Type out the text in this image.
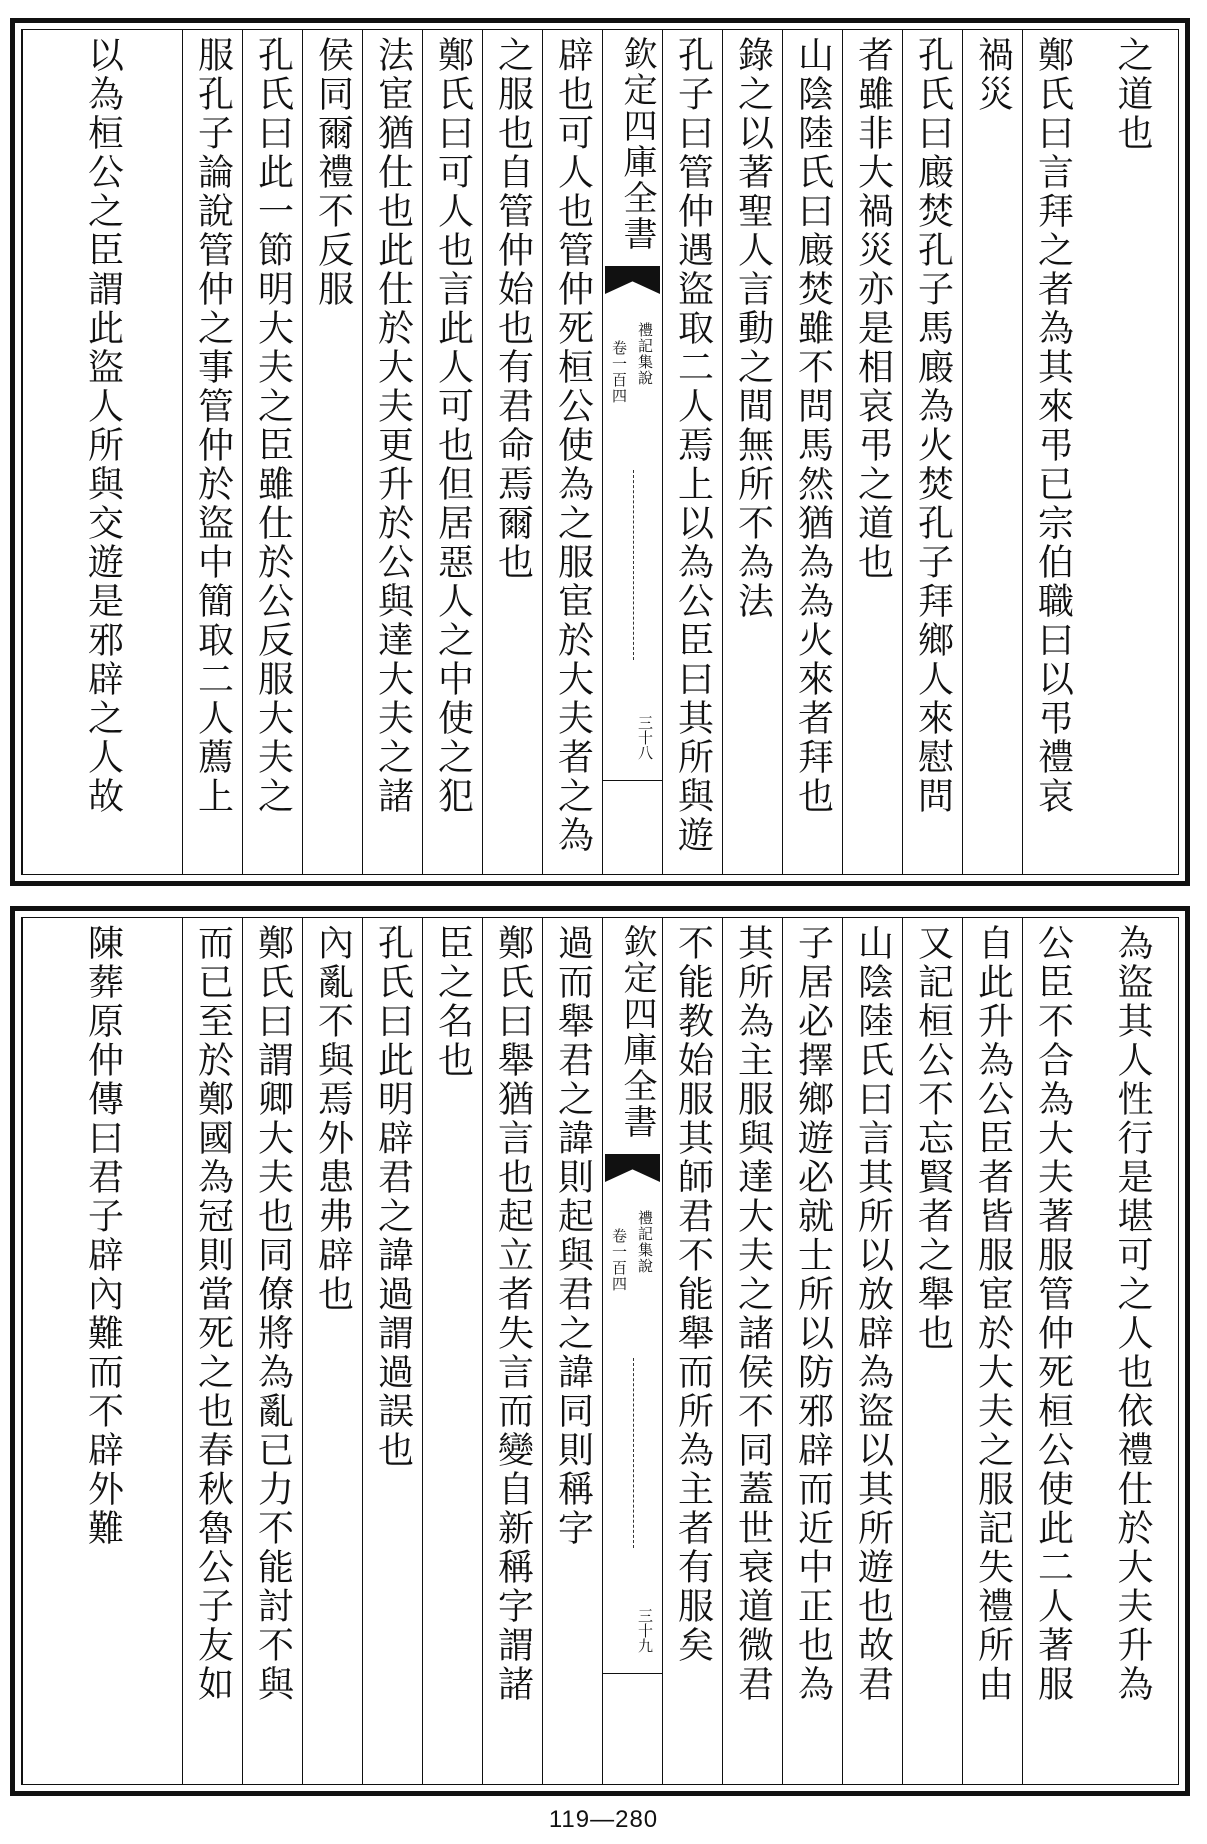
之道也
鄭氏曰言拜之者為其來弔已宗伯職曰以弔禮哀
禍災
孔氏曰廄焚孔子馬廄為火焚孔子拜鄉人來慰問
者雖非大禍災亦是相哀弔之道也
山陰陸氏曰廄焚雖不問馬然猶為為火來者拜也
錄之以著聖人言動之間無所不為法
孔子曰管仲遇盜取二人焉上以為公臣曰其所與遊
欽定四庫全書
禮記集說
卷一百四
三十八
辟也可人也管仲死桓公使為之服宦於大夫者之為
之服也自管仲始也有君命焉爾也
鄭氏曰可人也言此人可也但居惡人之中使之犯
法宦猶仕也此仕於大夫更升於公與達大夫之諸
侯同爾禮不反服
孔氏曰此一節明大夫之臣雖仕於公反服大夫之
服孔子論說管仲之事管仲於盜中簡取二人薦上
以為桓公之臣謂此盜人所與交遊是邪辟之人故
為盜其人性行是堪可之人也依禮仕於大夫升為
公臣不合為大夫著服管仲死桓公使此二人著服
自此升為公臣者皆服宦於大夫之服記失禮所由
又記桓公不忘賢者之舉也
山陰陸氏曰言其所以放辟為盜以其所遊也故君
子居必擇鄉遊必就士所以防邪辟而近中正也為
其所為主服與達大夫之諸侯不同蓋世衰道微君
不能教始服其師君不能舉而所為主者有服矣
欽定四庫全書
禮記集說
卷一百四
三十九
過而舉君之諱則起與君之諱同則稱字
鄭氏曰舉猶言也起立者失言而變自新稱字謂諸
臣之名也
孔氏曰此明辟君之諱過謂過誤也
內亂不與焉外患弗辟也
鄭氏曰謂卿大夫也同僚將為亂已力不能討不與
而已至於鄭國為冠則當死之也春秋魯公子友如
陳葬原仲傳曰君子辟內難而不辟外難
119—280
